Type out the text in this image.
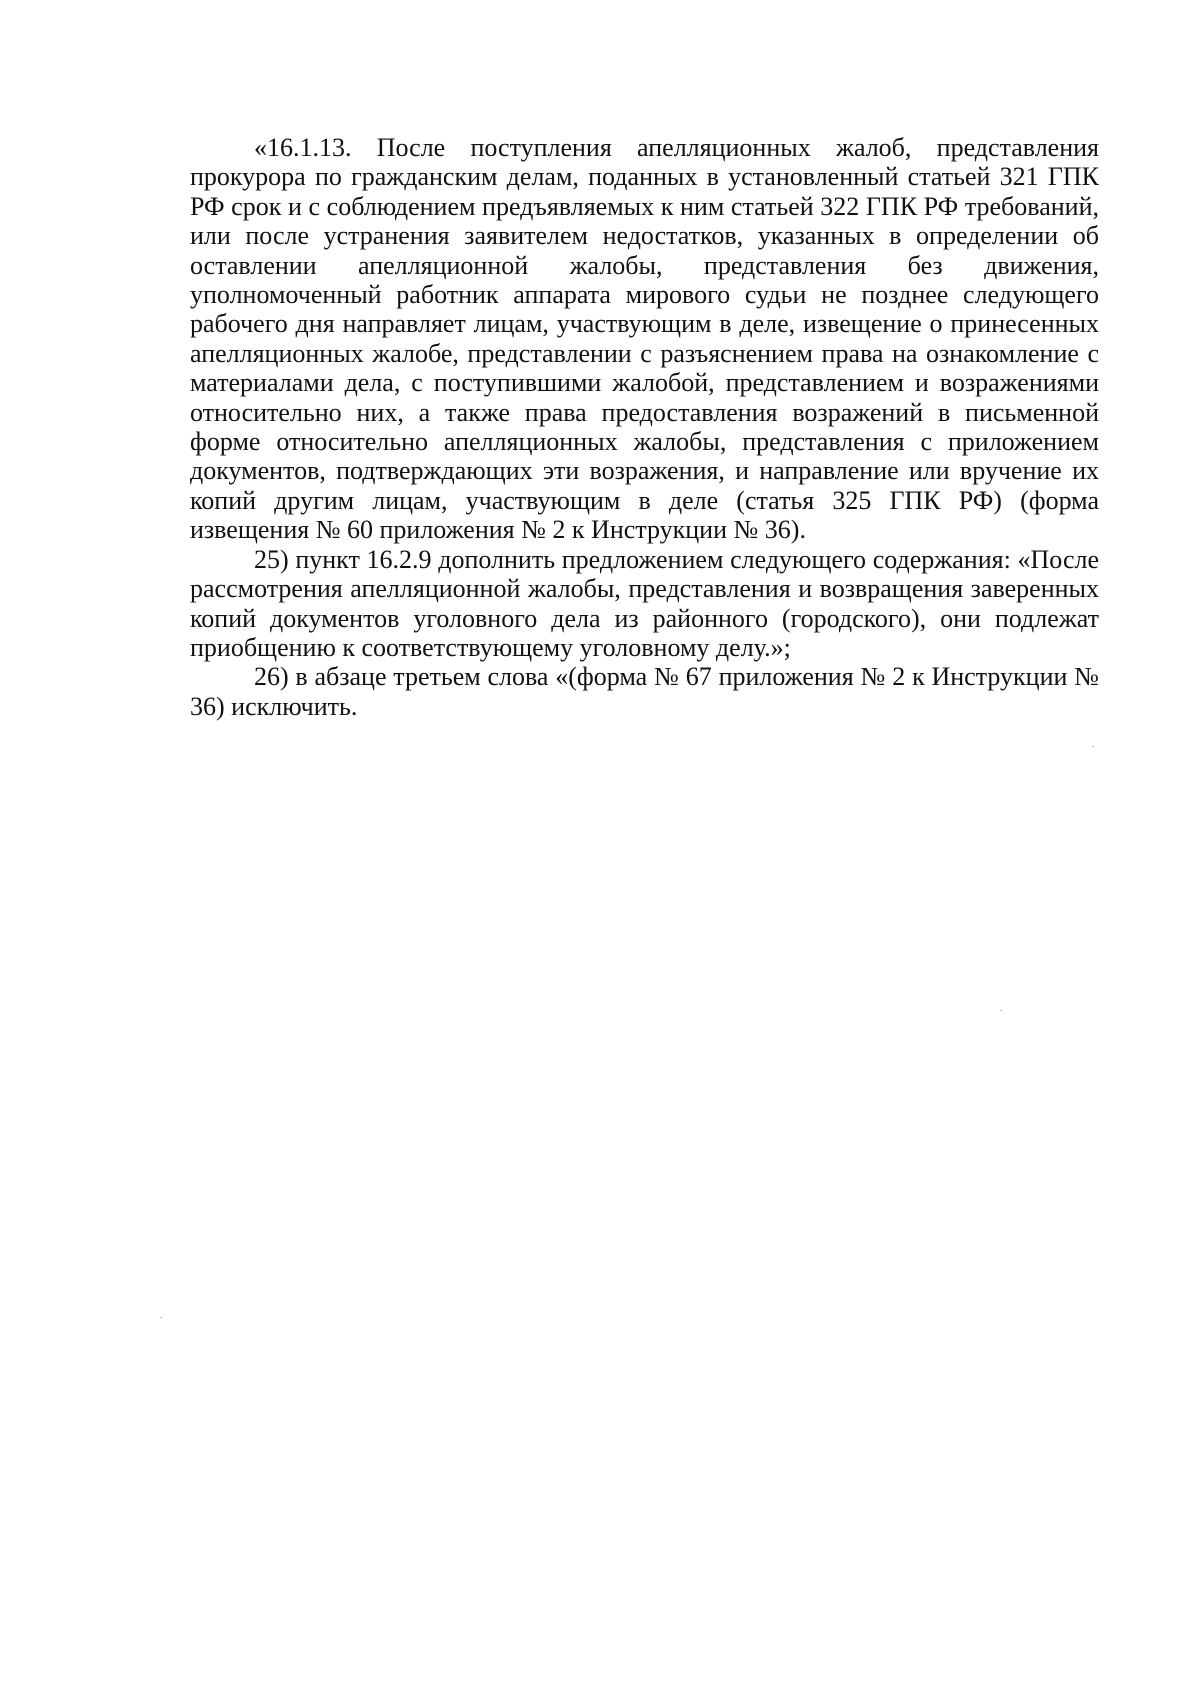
«16.1.13. После поступления апелляционных жалоб, представления прокурора по гражданским делам, поданных в установленный статьей 321 ГПК РФ срок и с соблюдением предъявляемых к ним статьей 322 ГПК РФ требований, или после устранения заявителем недостатков, указанных в определении об оставлении апелляционной жалобы, представления без движения, уполномоченный работник аппарата мирового судьи не позднее следующего рабочего дня направляет лицам, участвующим в деле, извещение о принесенных апелляционных жалобе, представлении с разъяснением права на ознакомление с материалами дела, с поступившими жалобой, представлением и возражениями относительно них, а также права предоставления возражений в письменной форме относительно апелляционных жалобы, представления с приложением документов, подтверждающих эти возражения, и направление или вручение их копий другим лицам, участвующим в деле (статья 325 ГПК РФ) (форма извещения № 60 приложения № 2 к Инструкции № 36).

25) пункт 16.2.9 дополнить предложением следующего содержания: «После рассмотрения апелляционной жалобы, представления и возвращения заверенных копий документов уголовного дела из районного (городского), они подлежат приобщению к соответствующему уголовному делу.»;

26) в абзаце третьем слова «(форма № 67 приложения № 2 к Инструкции № 36) исключить.
